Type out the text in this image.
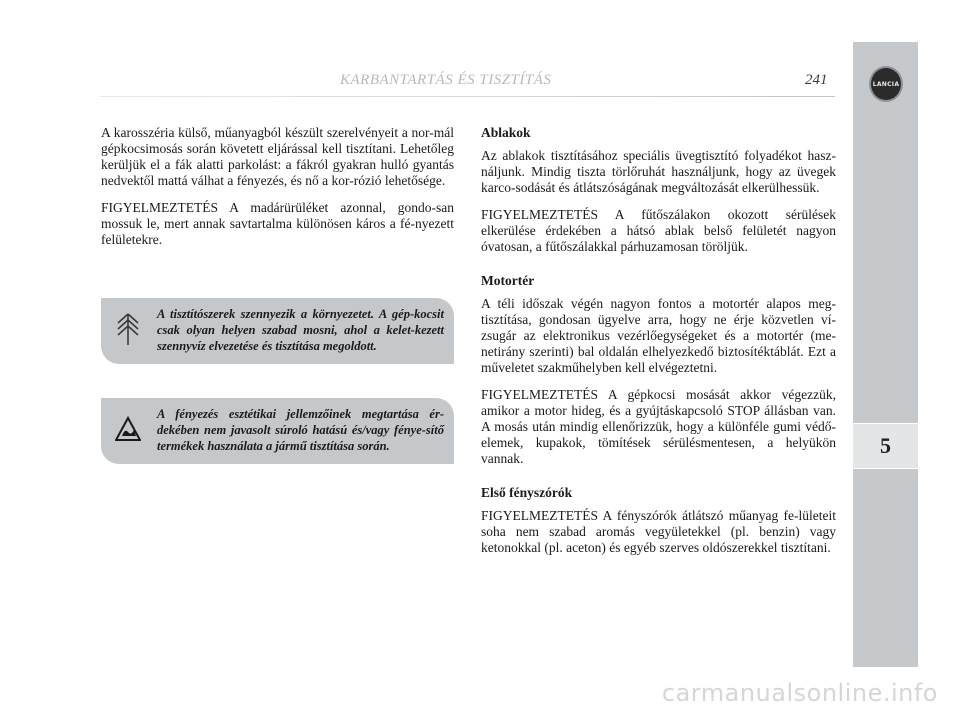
KARBANTARTÁS ÉS TISZTÍTÁS	241	LANCIA
5

A karosszéria külső, műanyagból készült szerelvényeit a nor-mál gépkocsimosás során követett eljárással kell tisztítani. Lehetőleg kerüljük el a fák alatti parkolást: a fákról gyakran hulló gyantás nedvektől mattá válhat a fényezés, és nő a kor-rózió lehetősége.

FIGYELMEZTETÉS A madárürüléket azonnal, gondo-san mossuk le, mert annak savtartalma különösen káros a fé-nyezett felületekre.

A tisztítószerek szennyezik a környezetet. A gép-kocsit csak olyan helyen szabad mosni, ahol a kelet-kezett szennyvíz elvezetése és tisztítása megoldott.
A fényezés esztétikai jellemzőinek megtartása ér-dekében nem javasolt súroló hatású és/vagy fénye-sítő termékek használata a jármű tisztítása során.
Ablakok

Az ablakok tisztításához speciális üvegtisztító folyadékot hasz-náljunk. Mindig tiszta törlőruhát használjunk, hogy az üvegek karco-sodását és átlátszóságának megváltozását elkerülhessük.

FIGYELMEZTETÉS A fűtőszálakon okozott sérülések elkerülése érdekében a hátsó ablak belső felületét nagyon óvatosan, a fűtőszálakkal párhuzamosan töröljük.

Motortér

A téli időszak végén nagyon fontos a motortér alapos meg-tisztítása, gondosan ügyelve arra, hogy ne érje közvetlen ví-zsugár az elektronikus vezérlőegységeket és a motortér (me-netirány szerinti) bal oldalán elhelyezkedő biztosítéktáblát. Ezt a műveletet szakműhelyben kell elvégeztetni.

FIGYELMEZTETÉS A gépkocsi mosását akkor végezzük, amikor a motor hideg, és a gyújtáskapcsoló STOP állásban van. A mosás után mindig ellenőrizzük, hogy a különféle gumi védő-elemek, kupakok, tömítések sérülésmentesen, a helyükön vannak.

Első fényszórók

FIGYELMEZTETÉS A fényszórók átlátszó műanyag fe-lületeit soha nem szabad aromás vegyületekkel (pl. benzin) vagy ketonokkal (pl. aceton) és egyéb szerves oldószerekkel tisztítani.

carmanualsonline.info
